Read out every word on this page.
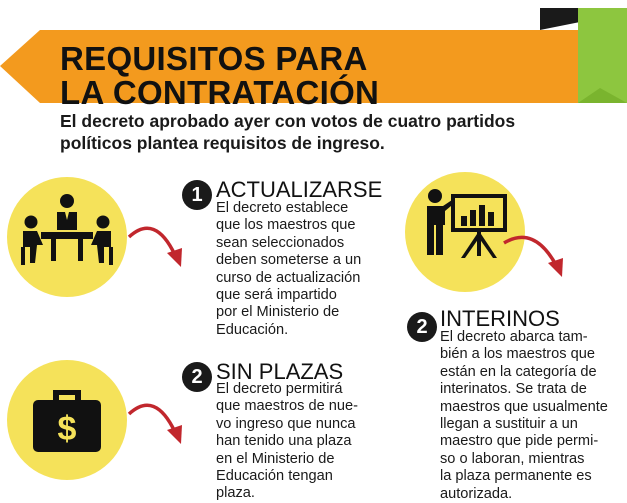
REQUISITOS PARA
LA CONTRATACIÓN
El decreto aprobado ayer con votos de cuatro partidos
políticos plantea requisitos de ingreso.
1 ACTUALIZARSE
El decreto establece
que los maestros que
sean seleccionados
deben someterse a un
curso de actualización
que será impartido
por el Ministerio de
Educación.
$
2 SIN PLAZAS
El decreto permitirá
que maestros de nue-
vo ingreso que nunca
han tenido una plaza
en el Ministerio de
Educación tengan
plaza.
2 INTERINOS
El decreto abarca tam-
bién a los maestros que
están en la categoría de
interinatos. Se trata de
maestros que usualmente
llegan a sustituir a un
maestro que pide permi-
so o laboran, mientras
la plaza permanente es
autorizada.
